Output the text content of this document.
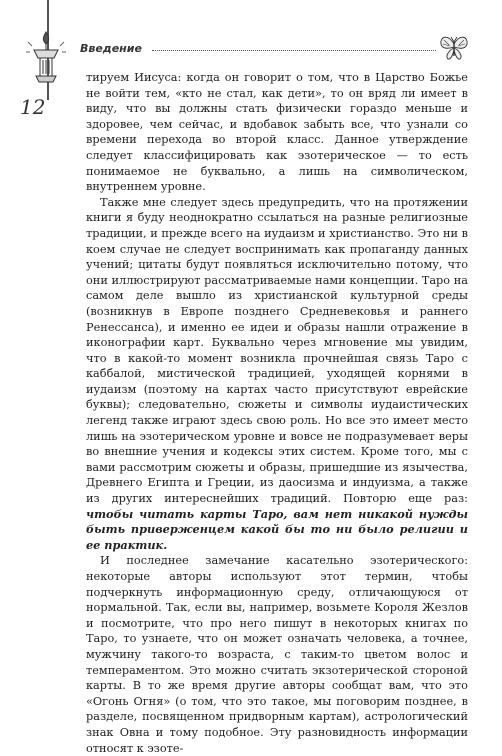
12
Введение

тируем Иисуса: когда он говорит о том, что в Царство Божье не войти тем, «кто не стал, как дети», то он вряд ли имеет в виду, что вы должны стать физически гораздо меньше и здоровее, чем сейчас, и вдобавок забыть все, что узнали со времени перехода во второй класс. Данное утверждение следует классифицировать как эзотерическое — то есть понимаемое не буквально, а лишь на символическом, внутреннем уровне.

Также мне следует здесь предупредить, что на протяжении книги я буду неоднократно ссылаться на разные религиозные традиции, и прежде всего на иудаизм и христианство. Это ни в коем случае не следует воспринимать как пропаганду данных учений; цитаты будут появляться исключительно потому, что они иллюстрируют рассматриваемые нами концепции. Таро на самом деле вышло из христианской культурной среды (возникнув в Европе позднего Средневековья и раннего Ренессанса), и именно ее идеи и образы нашли отражение в иконографии карт. Буквально через мгновение мы увидим, что в какой-то момент возникла прочнейшая связь Таро с каббалой, мистической традицией, уходящей корнями в иудаизм (поэтому на картах часто присутствуют еврейские буквы); следовательно, сюжеты и символы иудаистических легенд также играют здесь свою роль. Но все это имеет место лишь на эзотерическом уровне и вовсе не подразумевает веры во внешние учения и кодексы этих систем. Кроме того, мы с вами рассмотрим сюжеты и образы, пришедшие из язычества, Древнего Египта и Греции, из даосизма и индуизма, а также из других интереснейших традиций. Повторю еще раз: чтобы читать карты Таро, вам нет никакой нужды быть приверженцем какой бы то ни было религии и ее практик.

И последнее замечание касательно эзотерического: некоторые авторы используют этот термин, чтобы подчеркнуть информационную среду, отличающуюся от нормальной. Так, если вы, например, возьмете Короля Жезлов и посмотрите, что про него пишут в некоторых книгах по Таро, то узнаете, что он может означать человека, а точнее, мужчину такого-то возраста, с таким-то цветом волос и темпераментом. Это можно считать экзотерической стороной карты. В то же время другие авторы сообщат вам, что это «Огонь Огня» (о том, что это такое, мы поговорим позднее, в разделе, посвященном придворным картам), астрологический знак Овна и тому подобное. Эту разновидность информации относят к эзоте-
